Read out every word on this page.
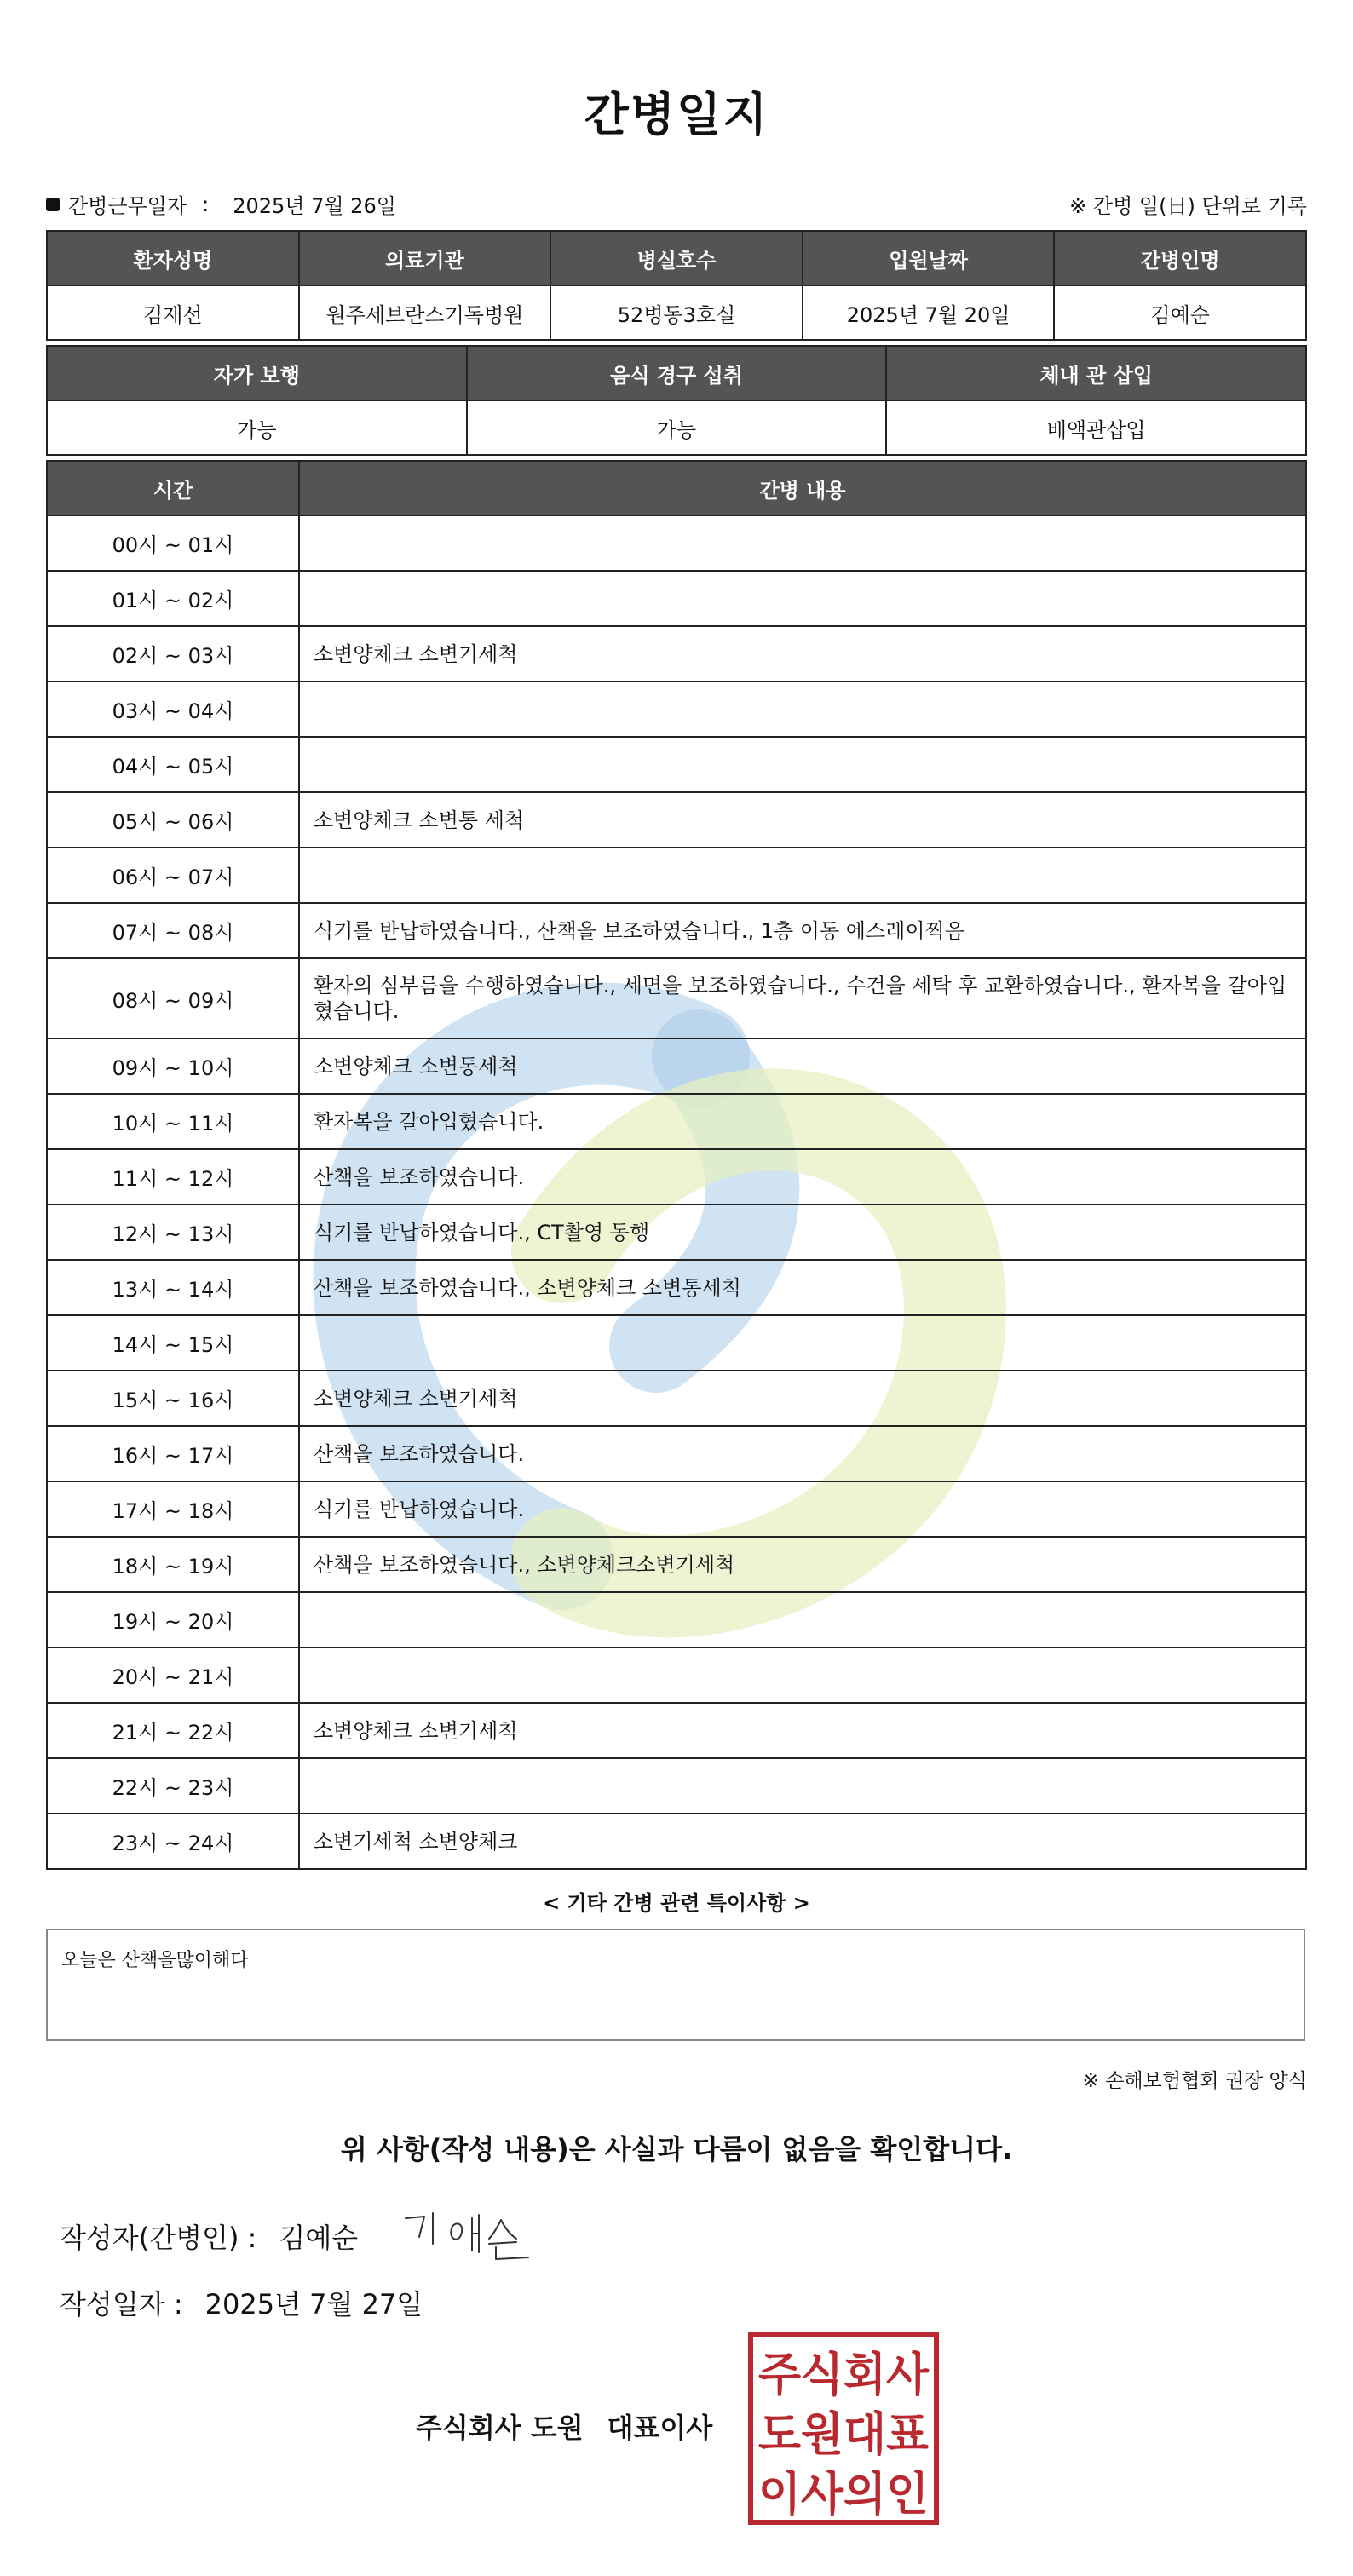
간병일지
간병근무일자 : 2025년 7월 26일	※ 간병 일(日) 단위로 기록
환자성명	의료기관	병실호수	입원날짜	간병인명
김재선	원주세브란스기독병원	52병동3호실	2025년 7월 20일	김예순
자가 보행	음식 경구 섭취	체내 관 삽입
가능	가능	배액관삽입
시간	간병 내용
00시 ~ 01시	
01시 ~ 02시	
02시 ~ 03시	소변양체크 소변기세척
03시 ~ 04시	
04시 ~ 05시	
05시 ~ 06시	소변양체크 소변통 세척
06시 ~ 07시	
07시 ~ 08시	식기를 반납하였습니다., 산책을 보조하였습니다., 1층 이동 에스레이찍음
08시 ~ 09시	환자의 심부름을 수행하였습니다., 세면을 보조하였습니다., 수건을 세탁 후 교환하였습니다., 환자복을 갈아입혔습니다.
09시 ~ 10시	소변양체크 소변통세척
10시 ~ 11시	환자복을 갈아입혔습니다.
11시 ~ 12시	산책을 보조하였습니다.
12시 ~ 13시	식기를 반납하였습니다., CT촬영 동행
13시 ~ 14시	산책을 보조하였습니다., 소변양체크 소변통세척
14시 ~ 15시	
15시 ~ 16시	소변양체크 소변기세척
16시 ~ 17시	산책을 보조하였습니다.
17시 ~ 18시	식기를 반납하였습니다.
18시 ~ 19시	산책을 보조하였습니다., 소변양체크소변기세척
19시 ~ 20시	
20시 ~ 21시	
21시 ~ 22시	소변양체크 소변기세척
22시 ~ 23시	
23시 ~ 24시	소변기세척 소변양체크
< 기타 간병 관련 특이사항 >
오늘은 산책을많이해다
※ 손해보험협회 권장 양식
위 사항(작성 내용)은 사실과 다름이 없음을 확인합니다.
작성자(간병인) : 김예순
작성일자 : 2025년 7월 27일
주식회사 도원 대표이사
주식회사
도원대표
이사의인
